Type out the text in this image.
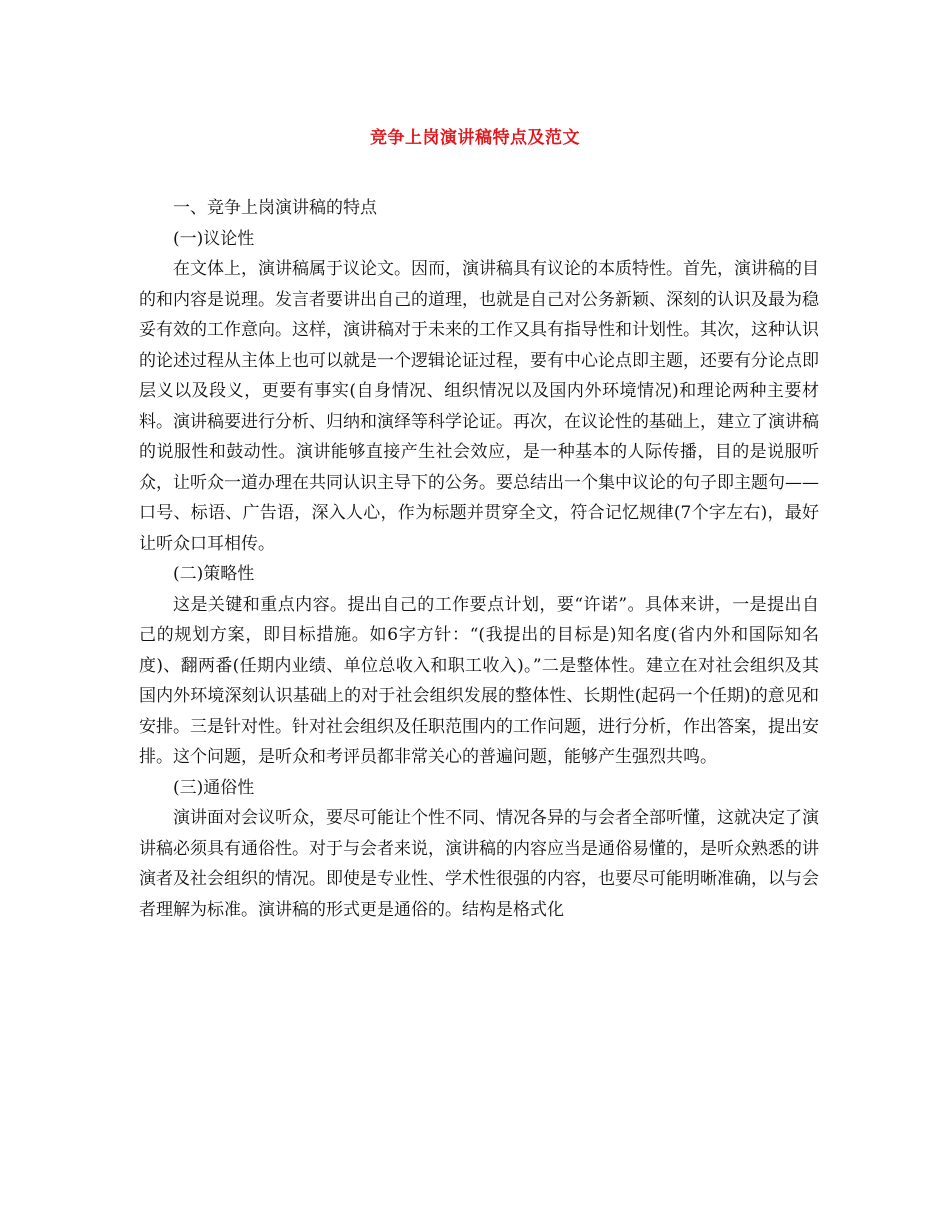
竞争上岗演讲稿特点及范文

一、竞争上岗演讲稿的特点

(一)议论性

在文体上，演讲稿属于议论文。因而，演讲稿具有议论的本质特性。首先，演讲稿的目的和内容是说理。发言者要讲出自己的道理，也就是自己对公务新颖、深刻的认识及最为稳妥有效的工作意向。这样，演讲稿对于未来的工作又具有指导性和计划性。其次，这种认识的论述过程从主体上也可以就是一个逻辑论证过程，要有中心论点即主题，还要有分论点即层义以及段义，更要有事实(自身情况、组织情况以及国内外环境情况)和理论两种主要材料。演讲稿要进行分析、归纳和演绎等科学论证。再次，在议论性的基础上，建立了演讲稿的说服性和鼓动性。演讲能够直接产生社会效应，是一种基本的人际传播，目的是说服听众，让听众一道办理在共同认识主导下的公务。要总结出一个集中议论的句子即主题句——口号、标语、广告语，深入人心，作为标题并贯穿全文，符合记忆规律(7个字左右)，最好让听众口耳相传。

(二)策略性

这是关键和重点内容。提出自己的工作要点计划，要“许诺”。具体来讲，一是提出自己的规划方案，即目标措施。如6字方针：“(我提出的目标是)知名度(省内外和国际知名度)、翻两番(任期内业绩、单位总收入和职工收入)。”二是整体性。建立在对社会组织及其国内外环境深刻认识基础上的对于社会组织发展的整体性、长期性(起码一个任期)的意见和安排。三是针对性。针对社会组织及任职范围内的工作问题，进行分析，作出答案，提出安排。这个问题，是听众和考评员都非常关心的普遍问题，能够产生强烈共鸣。

(三)通俗性

演讲面对会议听众，要尽可能让个性不同、情况各异的与会者全部听懂，这就决定了演讲稿必须具有通俗性。对于与会者来说，演讲稿的内容应当是通俗易懂的，是听众熟悉的讲演者及社会组织的情况。即使是专业性、学术性很强的内容，也要尽可能明晰准确，以与会者理解为标准。演讲稿的形式更是通俗的。结构是格式化
